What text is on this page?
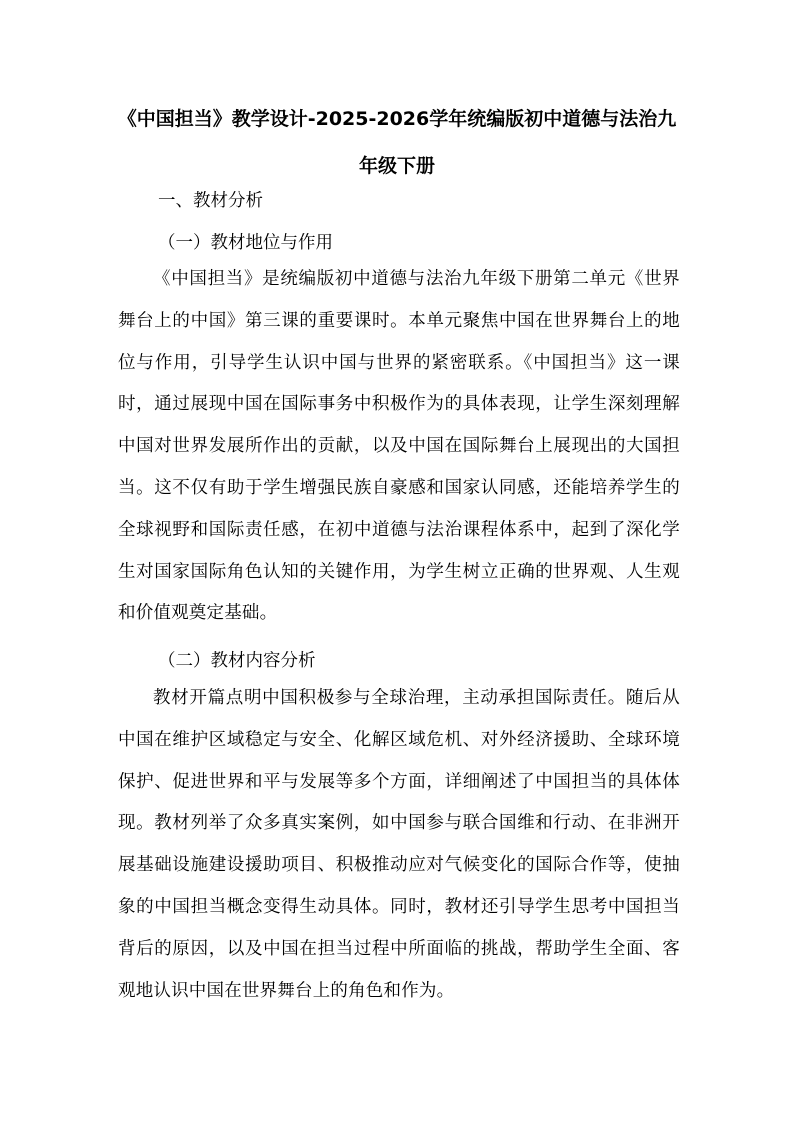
《中国担当》教学设计-2025-2026学年统编版初中道德与法治九年级下册

一、教材分析

（一）教材地位与作用

《中国担当》是统编版初中道德与法治九年级下册第二单元《世界舞台上的中国》第三课的重要课时。本单元聚焦中国在世界舞台上的地位与作用，引导学生认识中国与世界的紧密联系。《中国担当》这一课时，通过展现中国在国际事务中积极作为的具体表现，让学生深刻理解中国对世界发展所作出的贡献，以及中国在国际舞台上展现出的大国担当。这不仅有助于学生增强民族自豪感和国家认同感，还能培养学生的全球视野和国际责任感，在初中道德与法治课程体系中，起到了深化学生对国家国际角色认知的关键作用，为学生树立正确的世界观、人生观和价值观奠定基础。

（二）教材内容分析

教材开篇点明中国积极参与全球治理，主动承担国际责任。随后从中国在维护区域稳定与安全、化解区域危机、对外经济援助、全球环境保护、促进世界和平与发展等多个方面，详细阐述了中国担当的具体体现。教材列举了众多真实案例，如中国参与联合国维和行动、在非洲开展基础设施建设援助项目、积极推动应对气候变化的国际合作等，使抽象的中国担当概念变得生动具体。同时，教材还引导学生思考中国担当背后的原因，以及中国在担当过程中所面临的挑战，帮助学生全面、客观地认识中国在世界舞台上的角色和作为。
